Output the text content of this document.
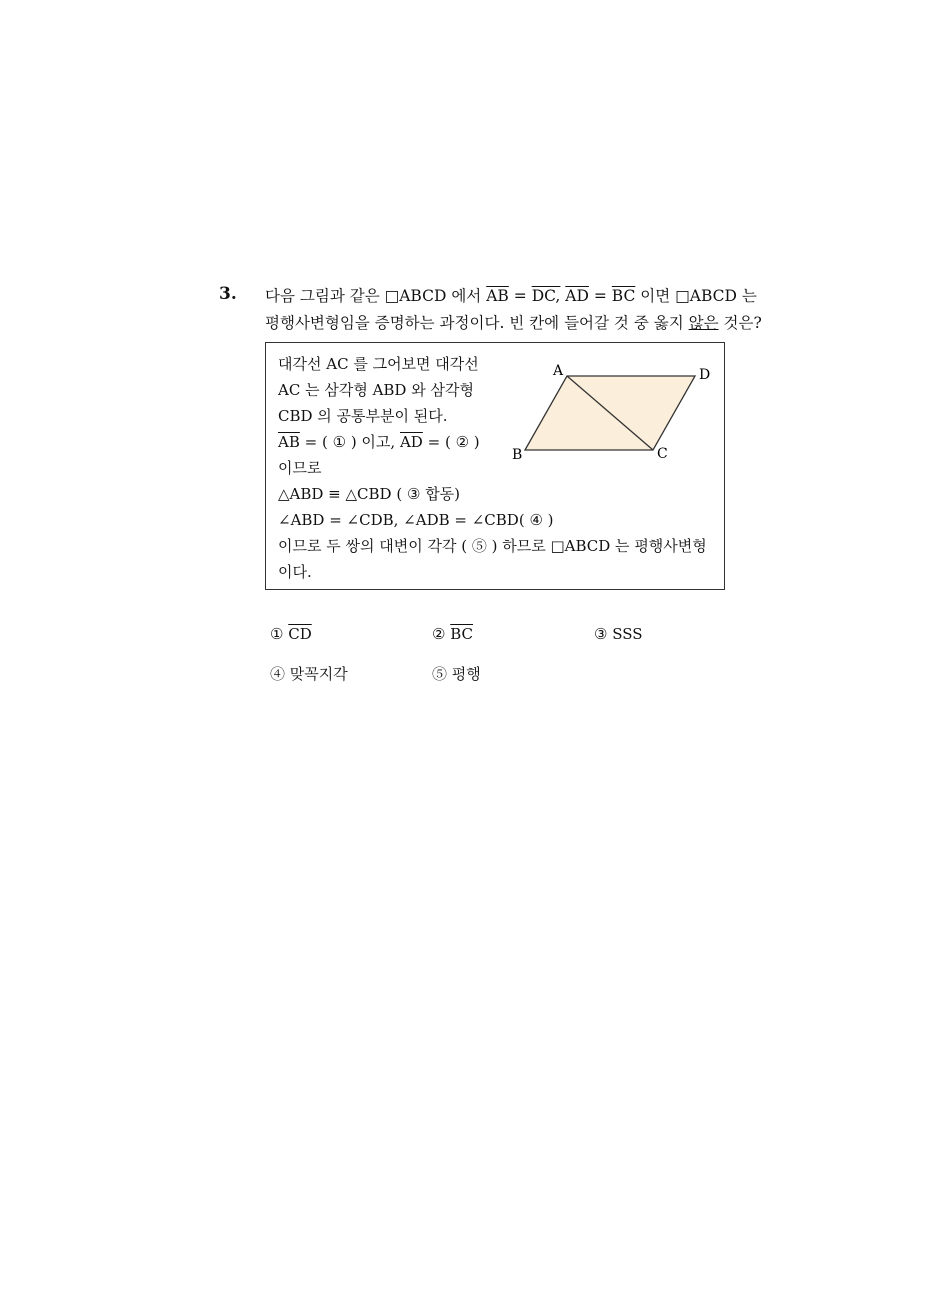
3. 다음 그림과 같은 □ABCD 에서 $\overline{AB}$ = DC, $\overline{AD} = \overline{BC}$ 이면 □ABCD 는
평행사변형임을 증명하는 과정이다. 빈 칸에 들어갈 것 중 옳지 않은 것은?
대각선 AC 를 그어보면 대각선
AC 는 삼각형 ABD 와 삼각형
CBD 의 공통부분이 된다.
$\overline{AB}$ = ( ① ) 이고, $\overline{AD}$ = ( ② )
이므로
△ABD ≡ △CBD ( ③ 합동)
∠ABD = ∠CDB, ∠ADB = ∠CBD( ④ )
이므로 두 쌍의 대변이 각각 ( ⑤ ) 하므로 □ABCD 는 평행사변형
이다.
A	D
B	C
① $\overline{CD}$	② $\overline{BC}$	③ SSS
④ 맞꼭지각	⑤ 평행
